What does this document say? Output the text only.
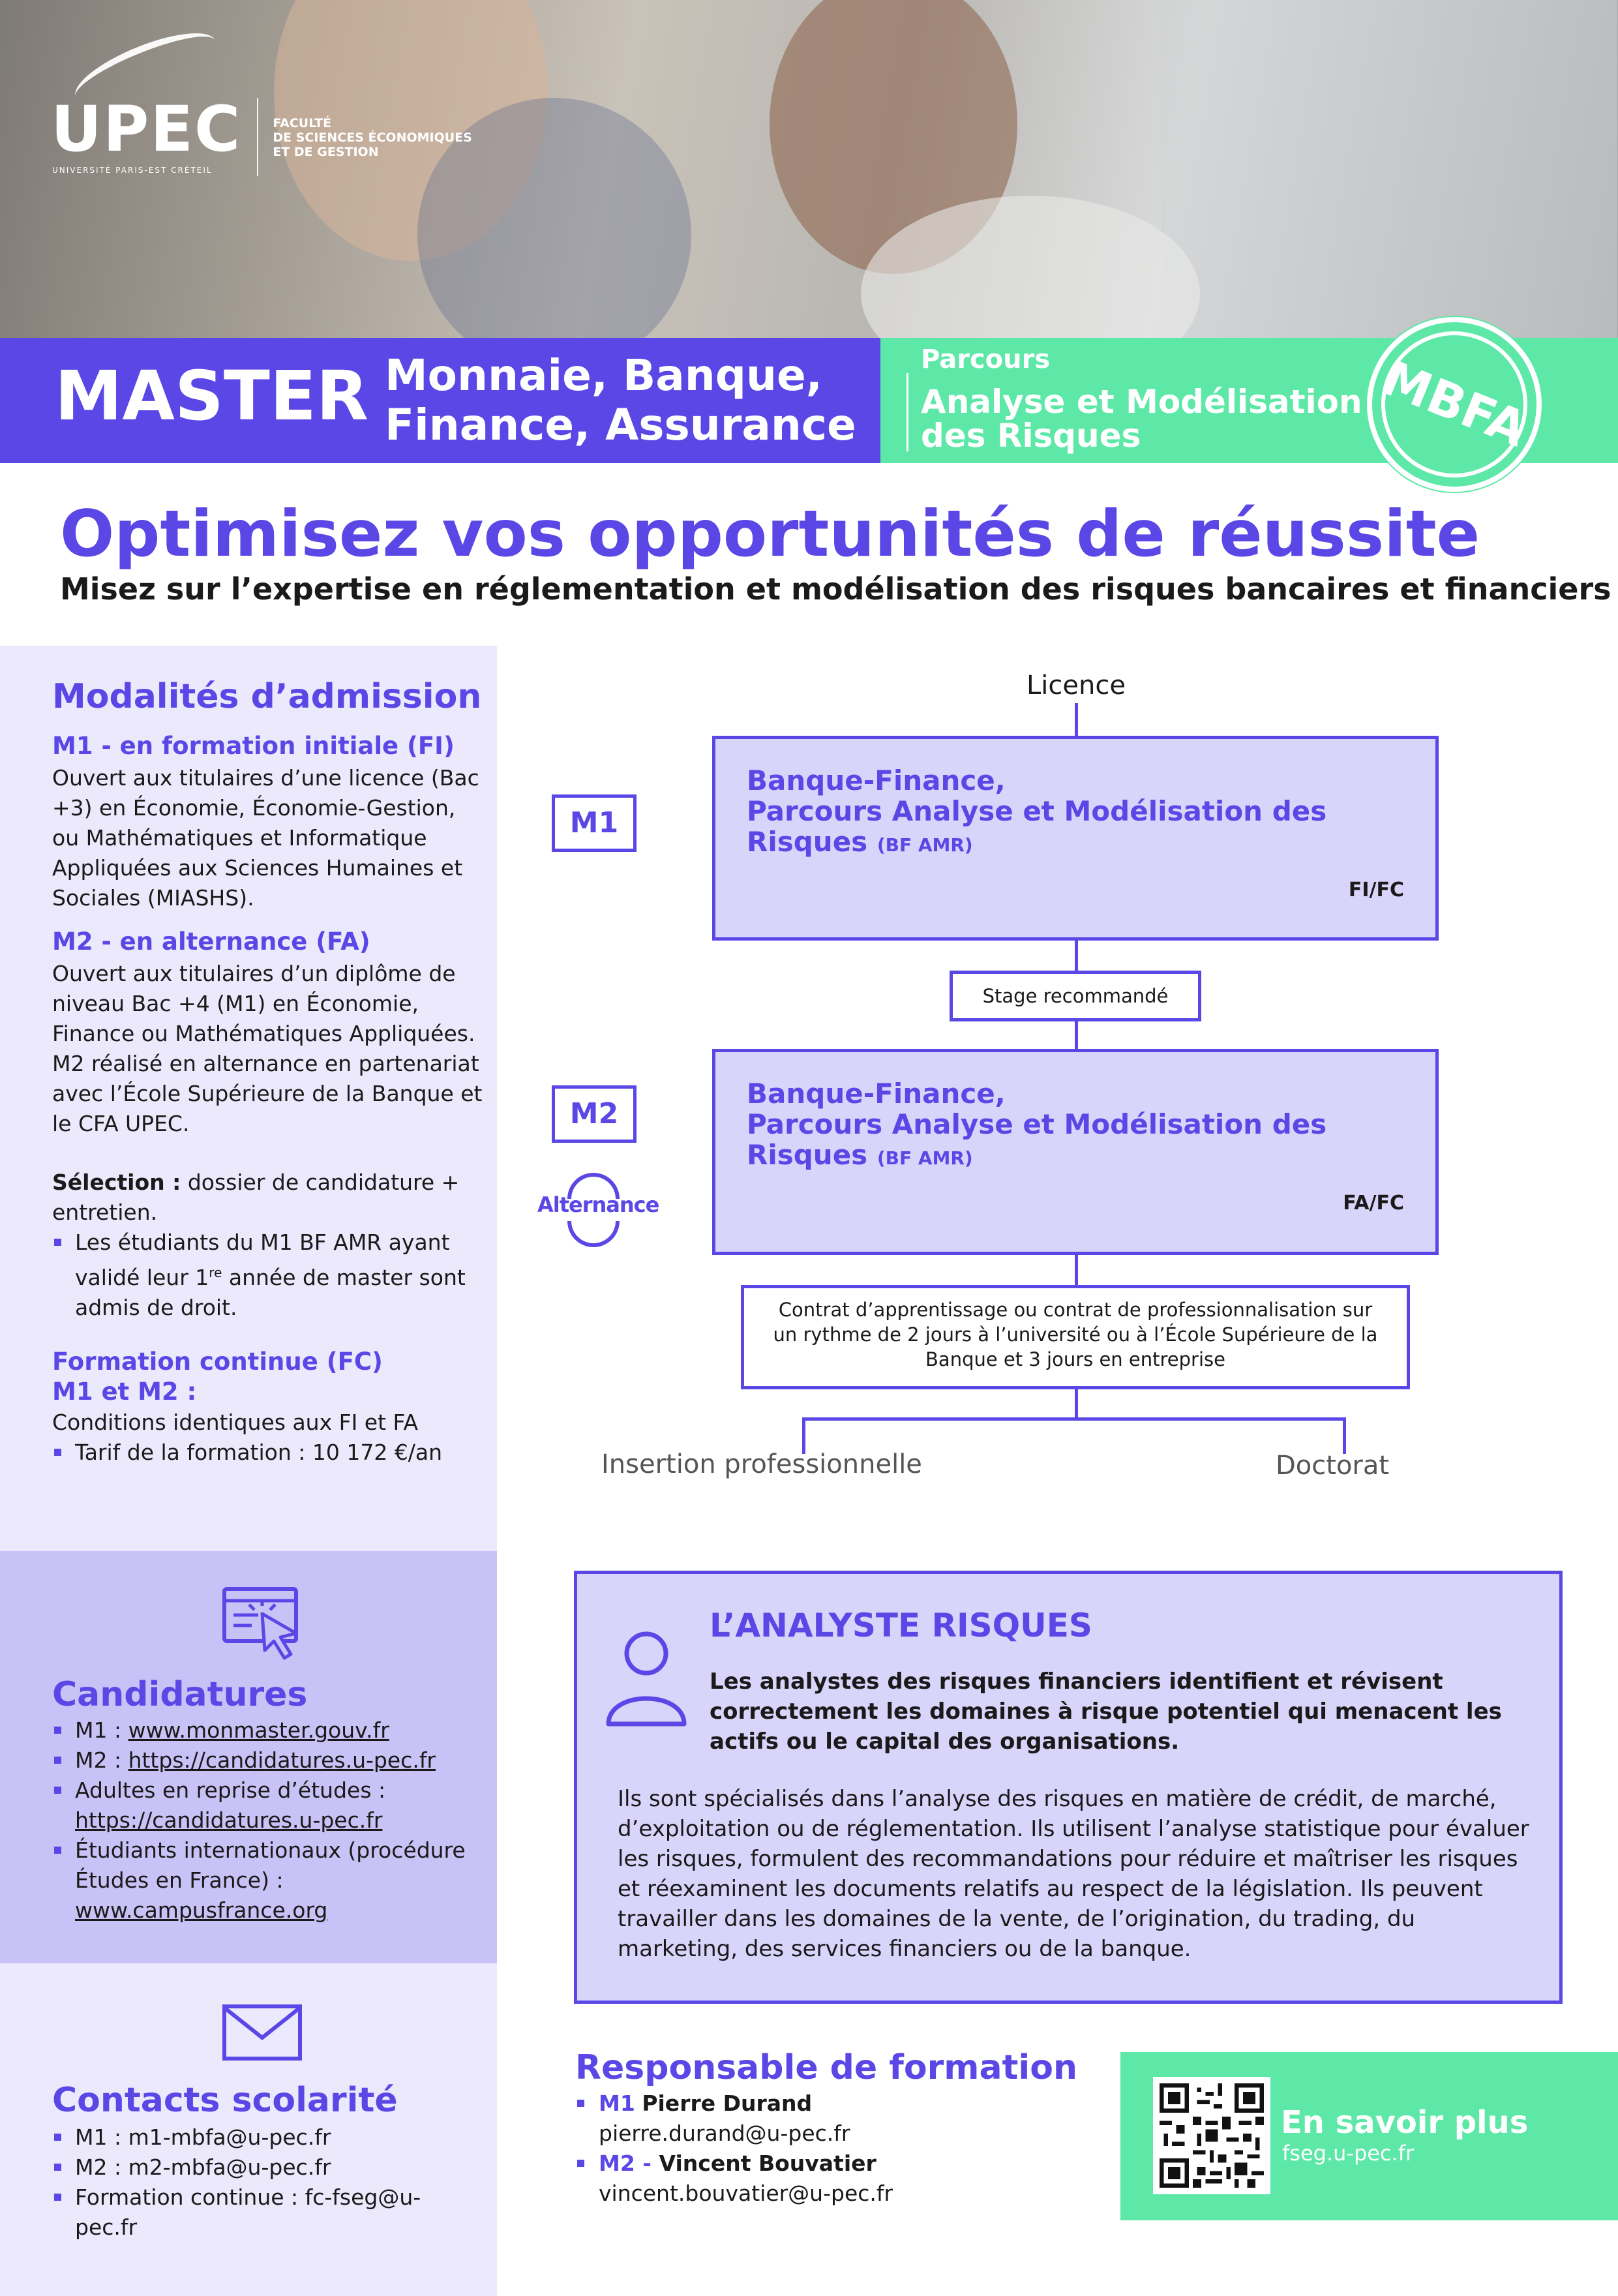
UPEC
UNIVERSITÉ PARIS-EST CRÉTEIL
FACULTÉ
DE SCIENCES ÉCONOMIQUES
ET DE GESTION
MASTER Monnaie, Banque,
Finance, Assurance
Parcours
Analyse et Modélisation
des Risques	MBFA
Optimisez vos opportunités de réussite
Misez sur l’expertise en réglementation et modélisation des risques bancaires et financiers
Modalités d’admission
M1 - en formation initiale (FI)
Ouvert aux titulaires d’une licence (Bac +3) en Économie, Économie-Gestion, ou Mathématiques et Informatique Appliquées aux Sciences Humaines et Sociales (MIASHS).
M2 - en alternance (FA)
Ouvert aux titulaires d’un diplôme de niveau Bac +4 (M1) en Économie, Finance ou Mathématiques Appliquées. M2 réalisé en alternance en partenariat avec l’École Supérieure de la Banque et le CFA UPEC.
Sélection : dossier de candidature + entretien.
Les étudiants du M1 BF AMR ayant validé leur 1re année de master sont admis de droit.
Formation continue (FC)
M1 et M2 :
Conditions identiques aux FI et FA
Tarif de la formation : 10 172 €/an
Candidatures
M1 : www.monmaster.gouv.fr
M2 : https://candidatures.u-pec.fr
Adultes en reprise d’études :
https://candidatures.u-pec.fr
Étudiants internationaux (procédure Études en France) :
www.campusfrance.org
Contacts scolarité
M1 : m1-mbfa@u-pec.fr
M2 : m2-mbfa@u-pec.fr
Formation continue : fc-fseg@u-pec.fr
Licence
M1
Banque-Finance,
Parcours Analyse et Modélisation des
Risques (BF AMR)
FI/FC
Stage recommandé
M2
Alternance
Banque-Finance,
Parcours Analyse et Modélisation des
Risques (BF AMR)
FA/FC
Contrat d’apprentissage ou contrat de professionnalisation sur
un rythme de 2 jours à l’université ou à l’École Supérieure de la
Banque et 3 jours en entreprise
Insertion professionnelle	Doctorat
L’ANALYSTE RISQUES
Les analystes des risques financiers identifient et révisent correctement les domaines à risque potentiel qui menacent les actifs ou le capital des organisations.
Ils sont spécialisés dans l’analyse des risques en matière de crédit, de marché, d’exploitation ou de réglementation. Ils utilisent l’analyse statistique pour évaluer les risques, formulent des recommandations pour réduire et maîtriser les risques et réexaminent les documents relatifs au respect de la législation. Ils peuvent travailler dans les domaines de la vente, de l’origination, du trading, du marketing, des services financiers ou de la banque.
Responsable de formation
M1 Pierre Durand
pierre.durand@u-pec.fr
M2 - Vincent Bouvatier
vincent.bouvatier@u-pec.fr
En savoir plus
fseg.u-pec.fr
